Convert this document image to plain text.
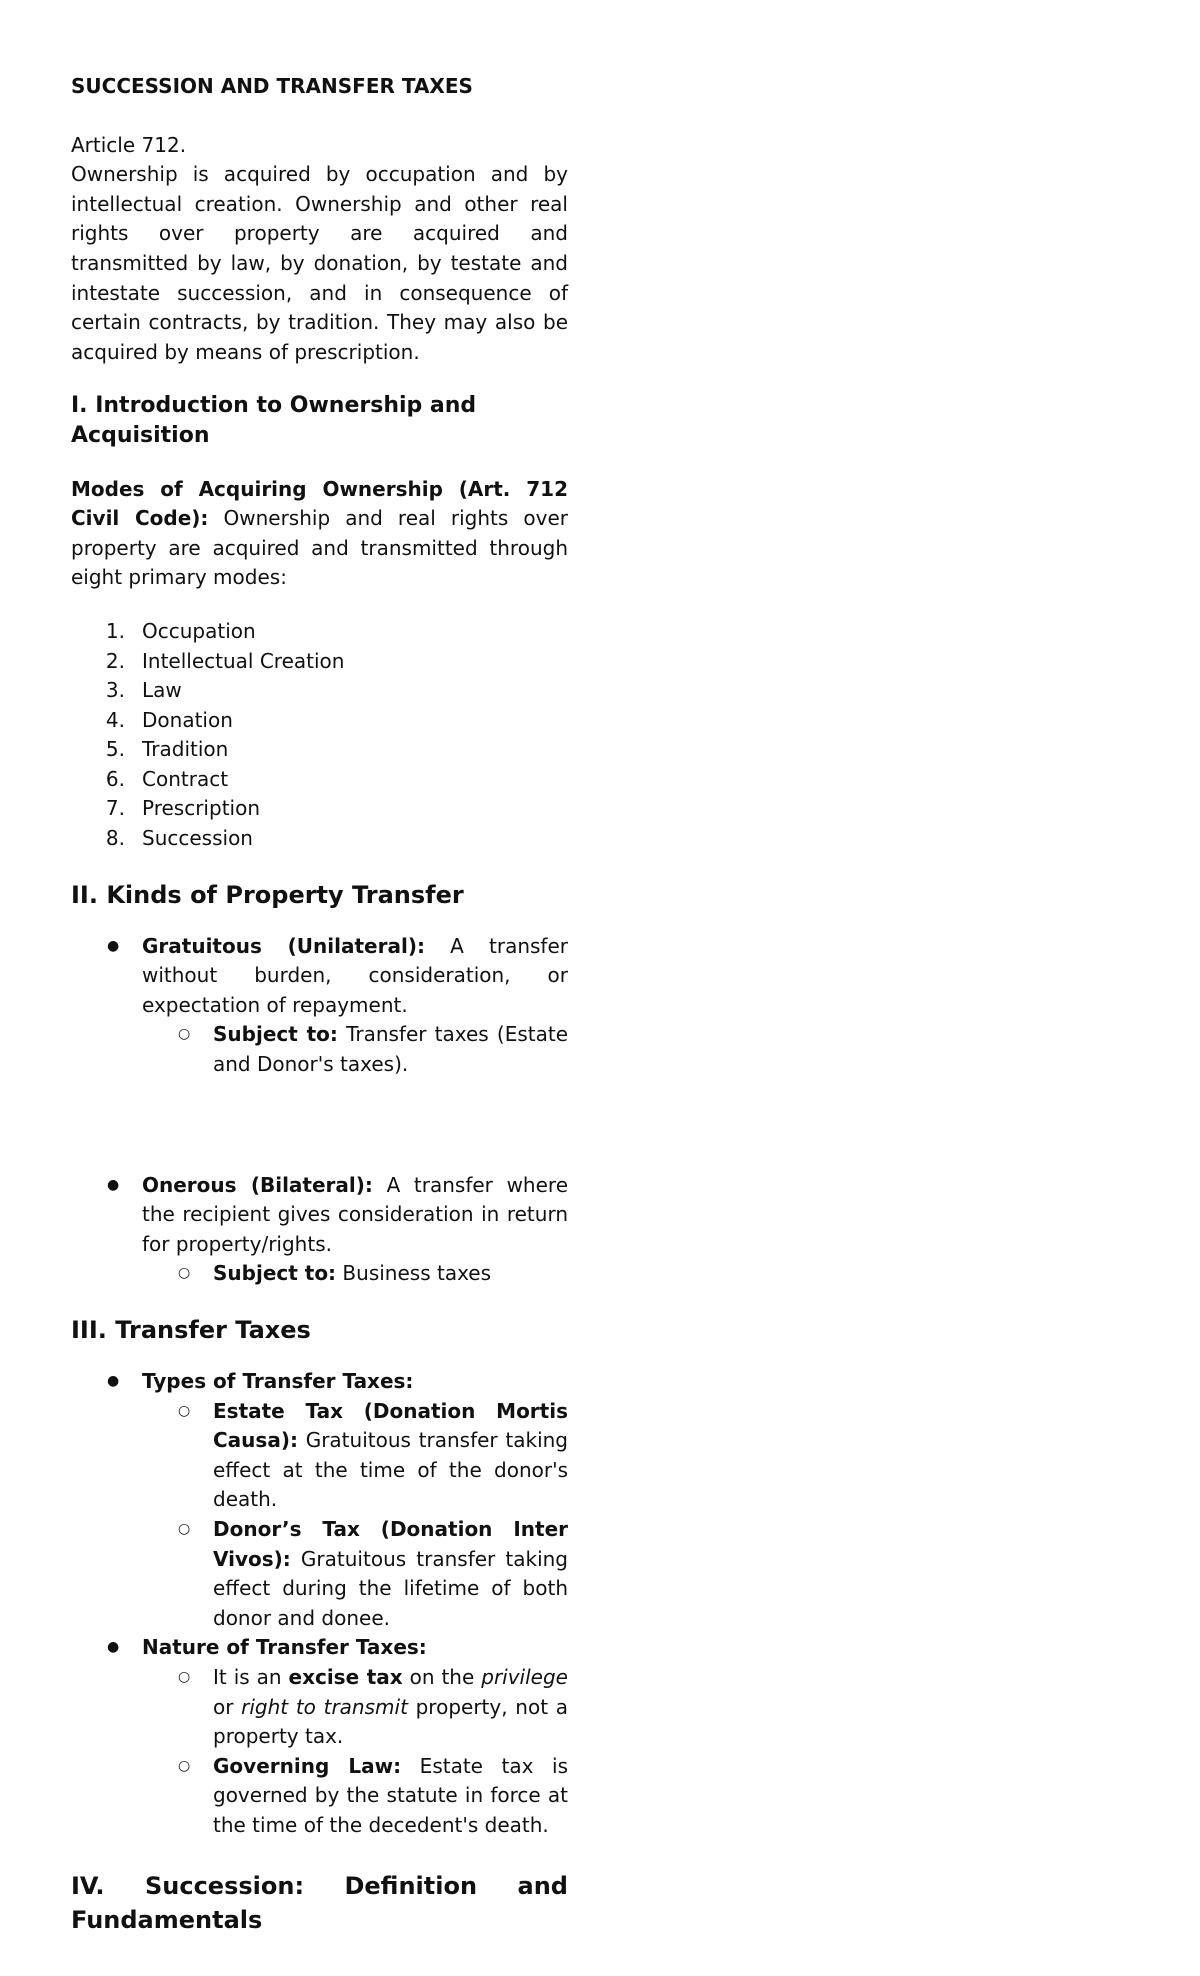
SUCCESSION AND TRANSFER TAXES

Article 712.

Ownership is acquired by occupation and by intellectual creation. Ownership and other real rights over property are acquired and transmitted by law, by donation, by testate and intestate succession, and in consequence of certain contracts, by tradition. They may also be acquired by means of prescription.

I. Introduction to Ownership and Acquisition

Modes of Acquiring Ownership (Art. 712 Civil Code): Ownership and real rights over property are acquired and transmitted through eight primary modes:

1. Occupation
2. Intellectual Creation
3. Law
4. Donation
5. Tradition
6. Contract
7. Prescription
8. Succession
II. Kinds of Property Transfer
● Gratuitous (Unilateral): A transfer without burden, consideration, or expectation of repayment.
○ Subject to: Transfer taxes (Estate and Donor's taxes).
● Onerous (Bilateral): A transfer where the recipient gives consideration in return for property/rights.
○ Subject to: Business taxes
III. Transfer Taxes
● Types of Transfer Taxes:
○ Estate Tax (Donation Mortis Causa): Gratuitous transfer taking effect at the time of the donor's death.
○ Donor’s Tax (Donation Inter Vivos): Gratuitous transfer taking effect during the lifetime of both donor and donee.
● Nature of Transfer Taxes:
○ It is an excise tax on the privilege or right to transmit property, not a property tax.
○ Governing Law: Estate tax is governed by the statute in force at the time of the decedent's death.
IV. Succession: Definition and
Fundamentals
